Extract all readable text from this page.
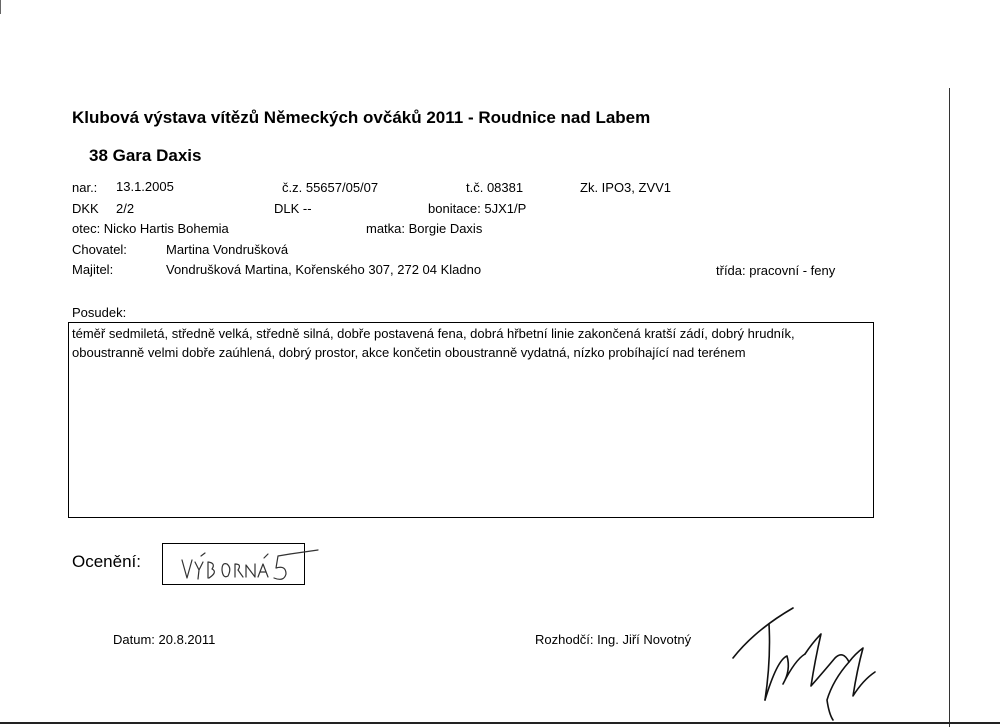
Klubová výstava vítězů Německých ovčáků 2011 - Roudnice nad Labem
38 Gara Daxis
nar.: 13.1.2005	č.z. 55657/05/07	t.č. 08381	Zk. IPO3, ZVV1
DKK 2/2	DLK --	bonitace: 5JX1/P
otec: Nicko Hartis Bohemia	matka: Borgie Daxis
Chovatel:	Martina Vondrušková
Majitel:	Vondrušková Martina, Kořenského 307, 272 04 Kladno	třída: pracovní - feny
Posudek:
téměř sedmiletá, středně velká, středně silná, dobře postavená fena, dobrá hřbetní linie zakončená kratší zádí, dobrý hrudník, oboustranně velmi dobře zaúhlená, dobrý prostor, akce končetin oboustranně vydatná, nízko probíhající nad terénem
Ocenění:
Datum: 20.8.2011	Rozhodčí: Ing. Jiří Novotný
